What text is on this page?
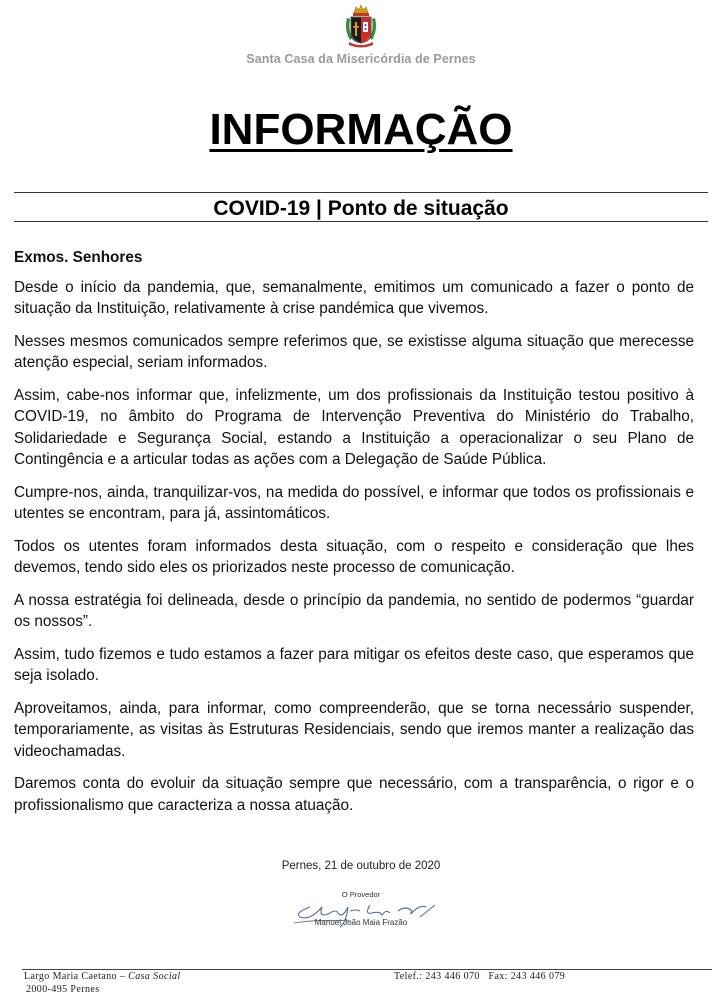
Santa Casa da Misericórdia de Pernes
INFORMAÇÃO
COVID-19 | Ponto de situação

Exmos. Senhores

Desde o início da pandemia, que, semanalmente, emitimos um comunicado a fazer o ponto de situação da Instituição, relativamente à crise pandémica que vivemos.

Nesses mesmos comunicados sempre referimos que, se existisse alguma situação que merecesse atenção especial, seriam informados.

Assim, cabe-nos informar que, infelizmente, um dos profissionais da Instituição testou positivo à COVID-19, no âmbito do Programa de Intervenção Preventiva do Ministério do Trabalho, Solidariedade e Segurança Social, estando a Instituição a operacionalizar o seu Plano de Contingência e a articular todas as ações com a Delegação de Saúde Pública.

Cumpre-nos, ainda, tranquilizar-vos, na medida do possível, e informar que todos os profissionais e utentes se encontram, para já, assintomáticos.

Todos os utentes foram informados desta situação, com o respeito e consideração que lhes devemos, tendo sido eles os priorizados neste processo de comunicação.

A nossa estratégia foi delineada, desde o princípio da pandemia, no sentido de podermos “guardar os nossos”.

Assim, tudo fizemos e tudo estamos a fazer para mitigar os efeitos deste caso, que esperamos que seja isolado.

Aproveitamos, ainda, para informar, como compreenderão, que se torna necessário suspender, temporariamente, as visitas às Estruturas Residenciais, sendo que iremos manter a realização das videochamadas.

Daremos conta do evoluir da situação sempre que necessário, com a transparência, o rigor e o profissionalismo que caracteriza a nossa atuação.

Pernes, 21 de outubro de 2020
O Provedor
Manuel João Maia Frazão
Largo Maria Caetano – Casa Social
2000-495 Pernes
Telef.: 243 446 070 Fax: 243 446 079
